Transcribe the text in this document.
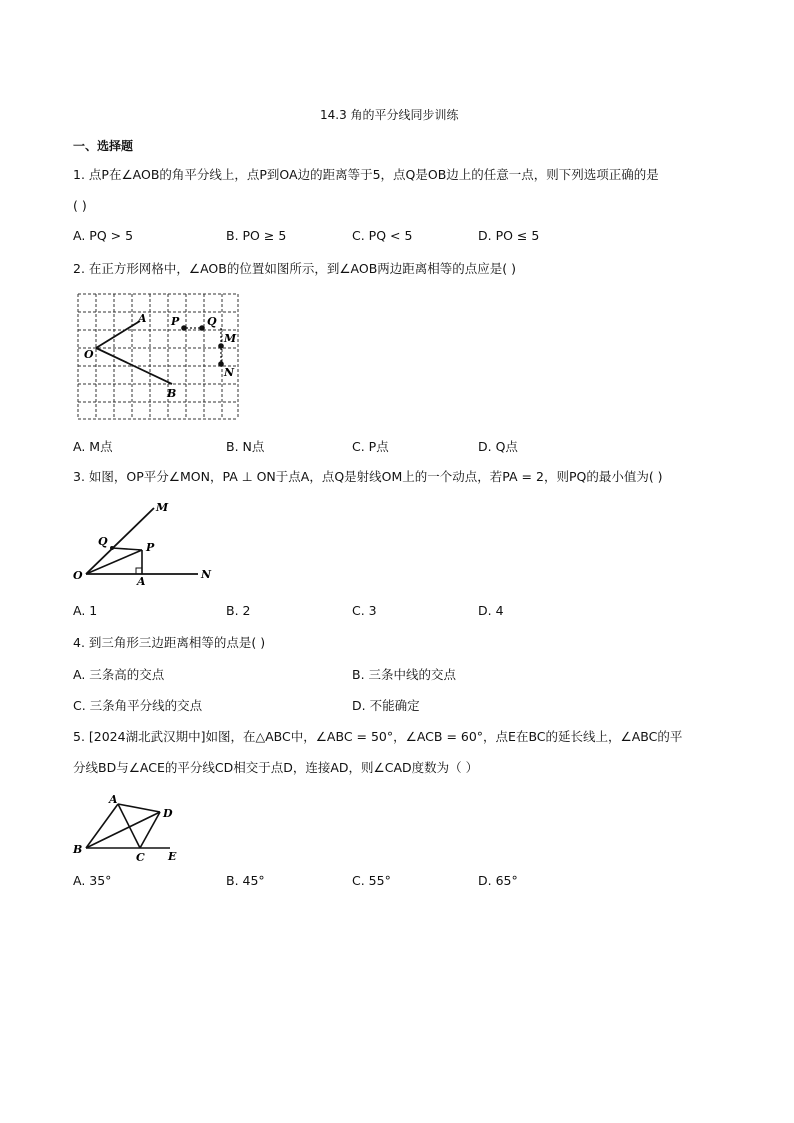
14.3 角的平分线同步训练
一、选择题
1. 点P在∠AOB的角平分线上，点P到OA边的距离等于5，点Q是OB边上的任意一点，则下列选项正确的是
( )
A. PQ > 5	B. PO ≥ 5	C. PQ < 5	D. PO ≤ 5
2. 在正方形网格中，∠AOB的位置如图所示，到∠AOB两边距离相等的点应是( )
A
O
B
P	Q
M
N
A. M点	B. N点	C. P点	D. Q点
3. 如图，OP平分∠MON，PA ⊥ ON于点A，点Q是射线OM上的一个动点，若PA = 2，则PQ的最小值为( )
M
Q	P
O	A
N
A. 1	B. 2	C. 3	D. 4
4. 到三角形三边距离相等的点是( )
A. 三条高的交点	B. 三条中线的交点
C. 三条角平分线的交点	D. 不能确定
5. [2024湖北武汉期中]如图，在△ABC中，∠ABC = 50°，∠ACB = 60°，点E在BC的延长线上，∠ABC的平
分线BD与∠ACE的平分线CD相交于点D，连接AD，则∠CAD度数为（ ）
A
D
B
C E
A. 35°	B. 45°	C. 55°	D. 65°
